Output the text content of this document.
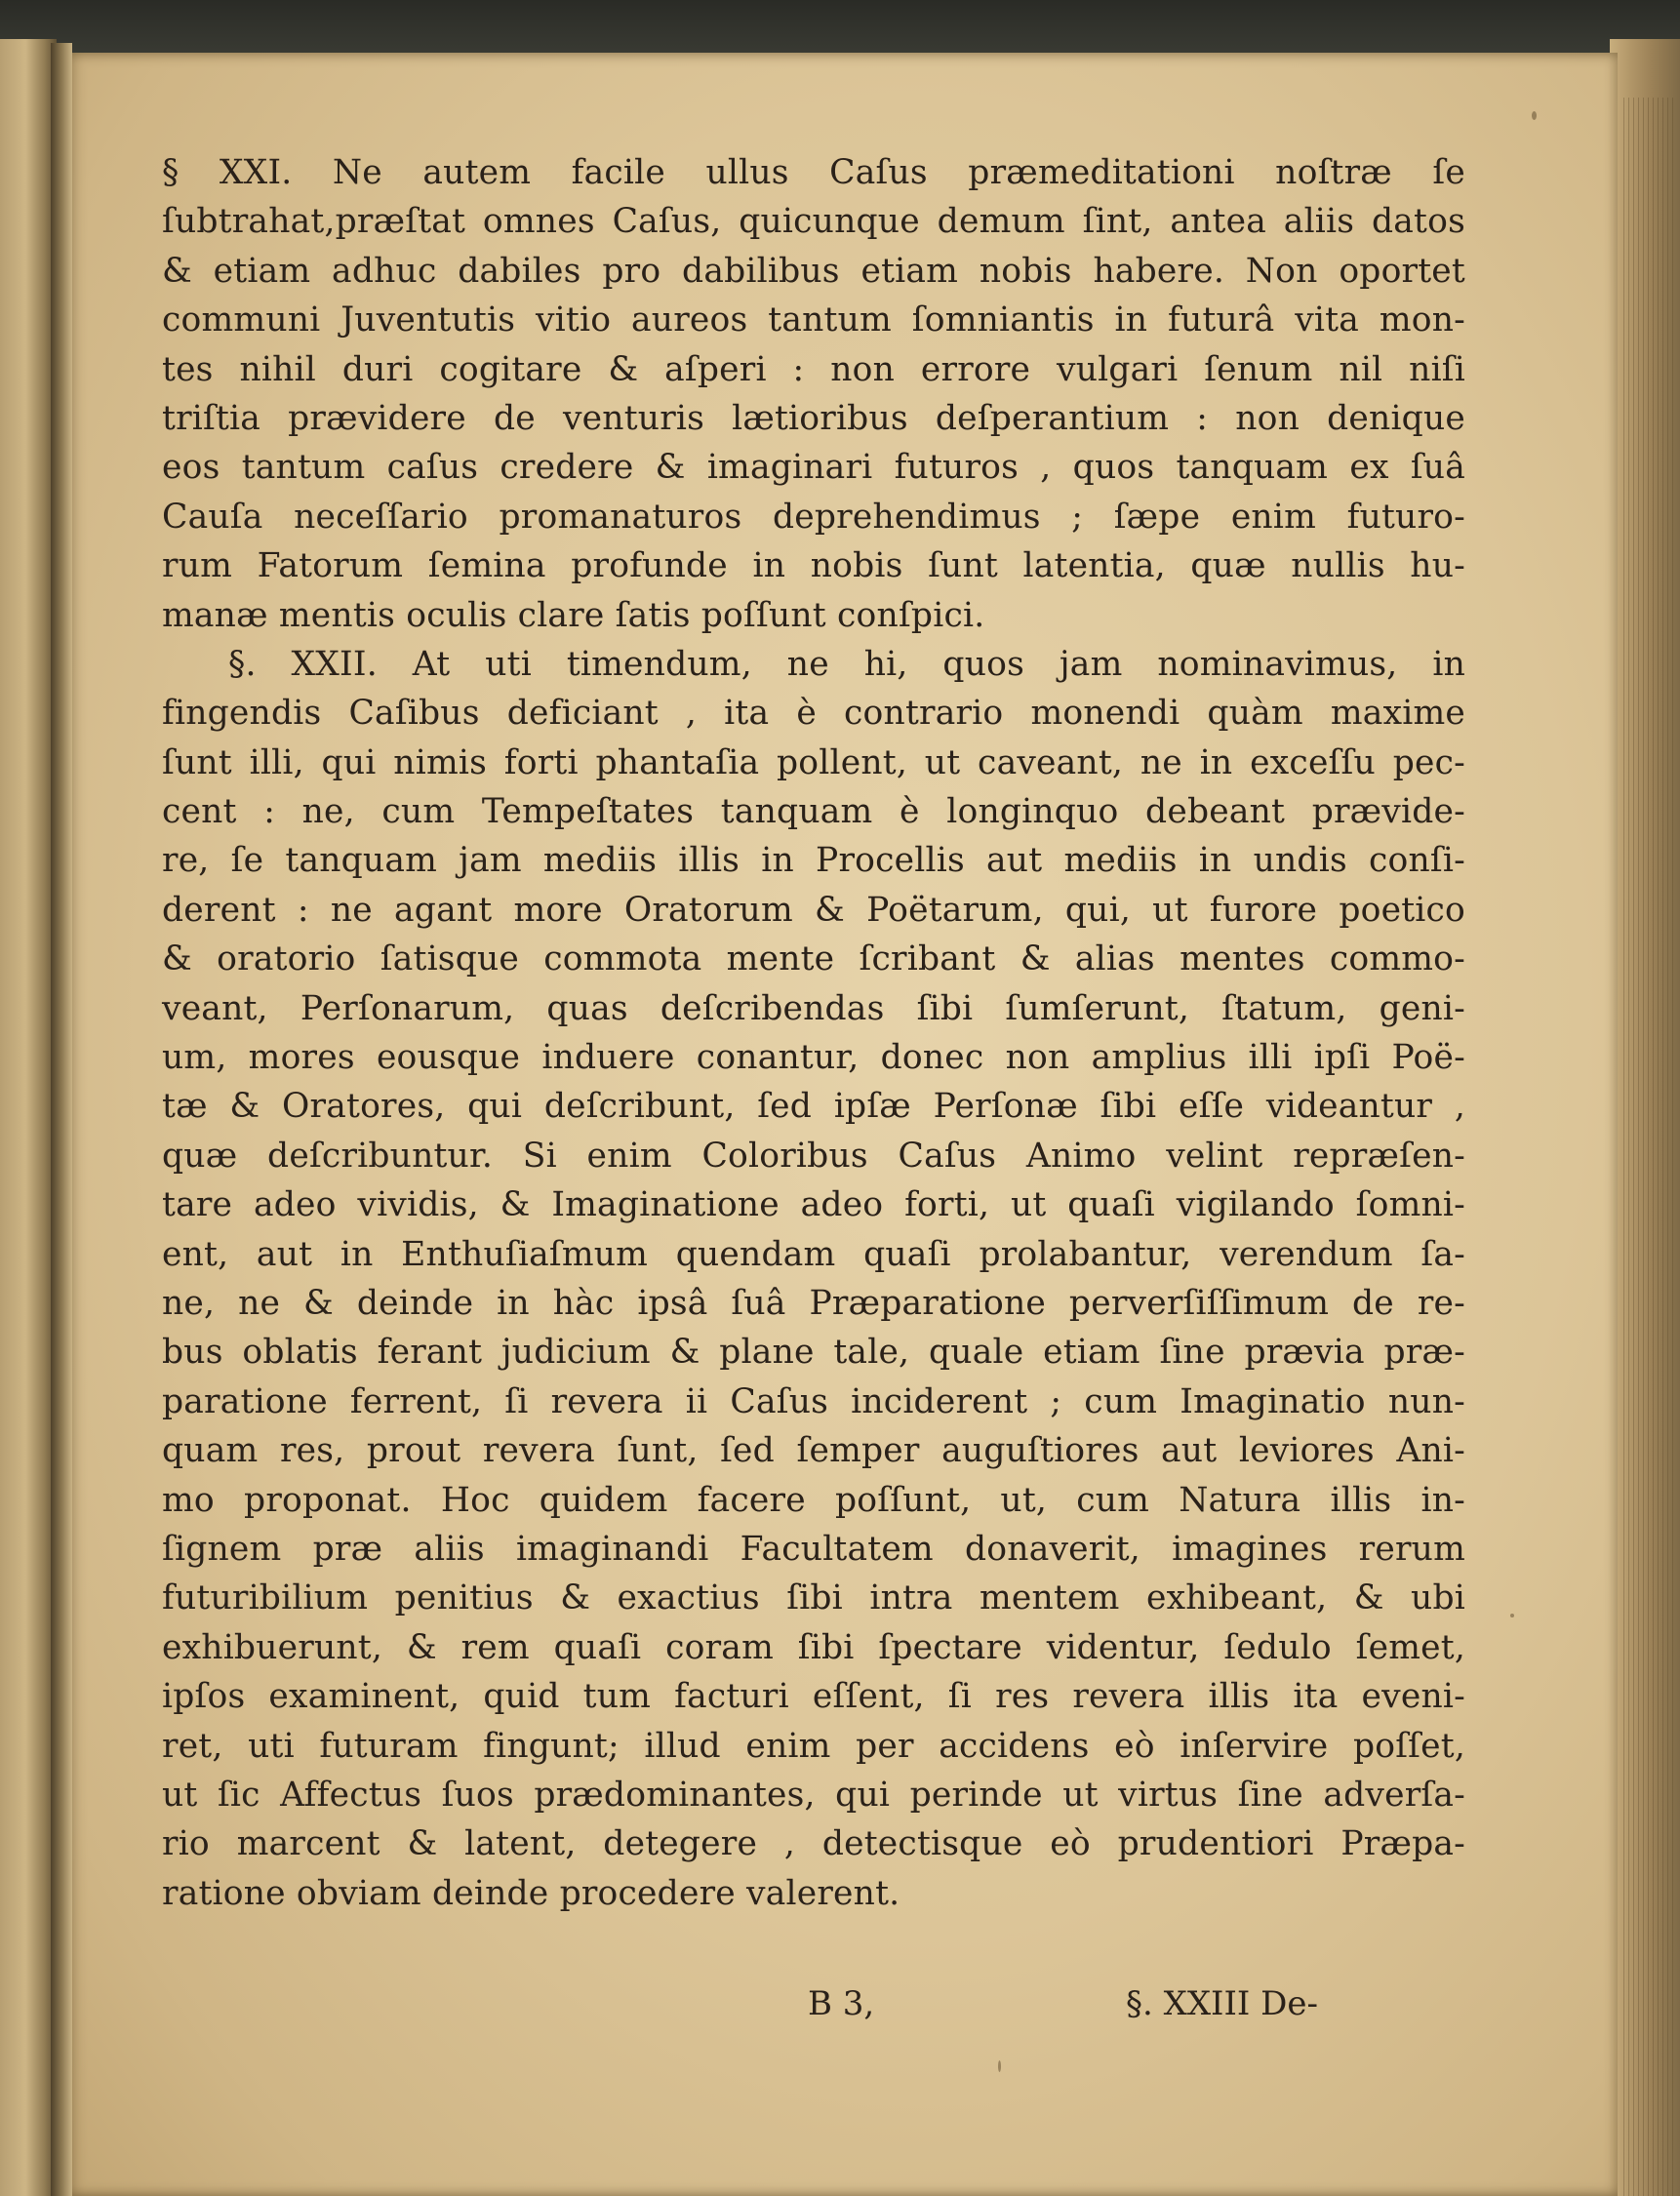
§ XXI. Ne autem facile ullus Caſus præmeditationi noſtræ ſe

ſubtrahat,præſtat omnes Caſus, quicunque demum ſint, antea aliis datos

& etiam adhuc dabiles pro dabilibus etiam nobis habere. Non oportet

communi Juventutis vitio aureos tantum ſomniantis in futurâ vita mon-

tes nihil duri cogitare & aſperi : non errore vulgari ſenum nil niſi

triſtia prævidere de venturis lætioribus deſperantium : non denique

eos tantum caſus credere & imaginari futuros , quos tanquam ex ſuâ

Cauſa neceſſario promanaturos deprehendimus ; ſæpe enim futuro-

rum Fatorum ſemina profunde in nobis ſunt latentia, quæ nullis hu-

manæ mentis oculis clare ſatis poſſunt conſpici.

§. XXII. At uti timendum, ne hi, quos jam nominavimus, in

fingendis Caſibus deficiant , ita è contrario monendi quàm maxime

ſunt illi, qui nimis forti phantaſia pollent, ut caveant, ne in exceſſu pec-

cent : ne, cum Tempeſtates tanquam è longinquo debeant prævide-

re, ſe tanquam jam mediis illis in Procellis aut mediis in undis conſi-

derent : ne agant more Oratorum & Poëtarum, qui, ut furore poetico

& oratorio ſatisque commota mente ſcribant & alias mentes commo-

veant, Perſonarum, quas deſcribendas ſibi ſumſerunt, ſtatum, geni-

um, mores eousque induere conantur, donec non amplius illi ipſi Poë-

tæ & Oratores, qui deſcribunt, ſed ipſæ Perſonæ ſibi eſſe videantur ,

quæ deſcribuntur. Si enim Coloribus Caſus Animo velint repræſen-

tare adeo vividis, & Imaginatione adeo forti, ut quaſi vigilando ſomni-

ent, aut in Enthuſiaſmum quendam quaſi prolabantur, verendum ſa-

ne, ne & deinde in hàc ipsâ ſuâ Præparatione perverſiſſimum de re-

bus oblatis ferant judicium & plane tale, quale etiam ſine prævia præ-

paratione ferrent, ſi revera ii Caſus inciderent ; cum Imaginatio nun-

quam res, prout revera ſunt, ſed ſemper auguſtiores aut leviores Ani-

mo proponat. Hoc quidem facere poſſunt, ut, cum Natura illis in-

ſignem præ aliis imaginandi Facultatem donaverit, imagines rerum

futuribilium penitius & exactius ſibi intra mentem exhibeant, & ubi

exhibuerunt, & rem quaſi coram ſibi ſpectare videntur, ſedulo ſemet,

ipſos examinent, quid tum facturi eſſent, ſi res revera illis ita eveni-

ret, uti futuram fingunt; illud enim per accidens eò inſervire poſſet,

ut ſic Affectus ſuos prædominantes, qui perinde ut virtus ſine adverſa-

rio marcent & latent, detegere , detectisque eò prudentiori Præpa-

ratione obviam deinde procedere valerent.

B 3,	§. XXIII De-
